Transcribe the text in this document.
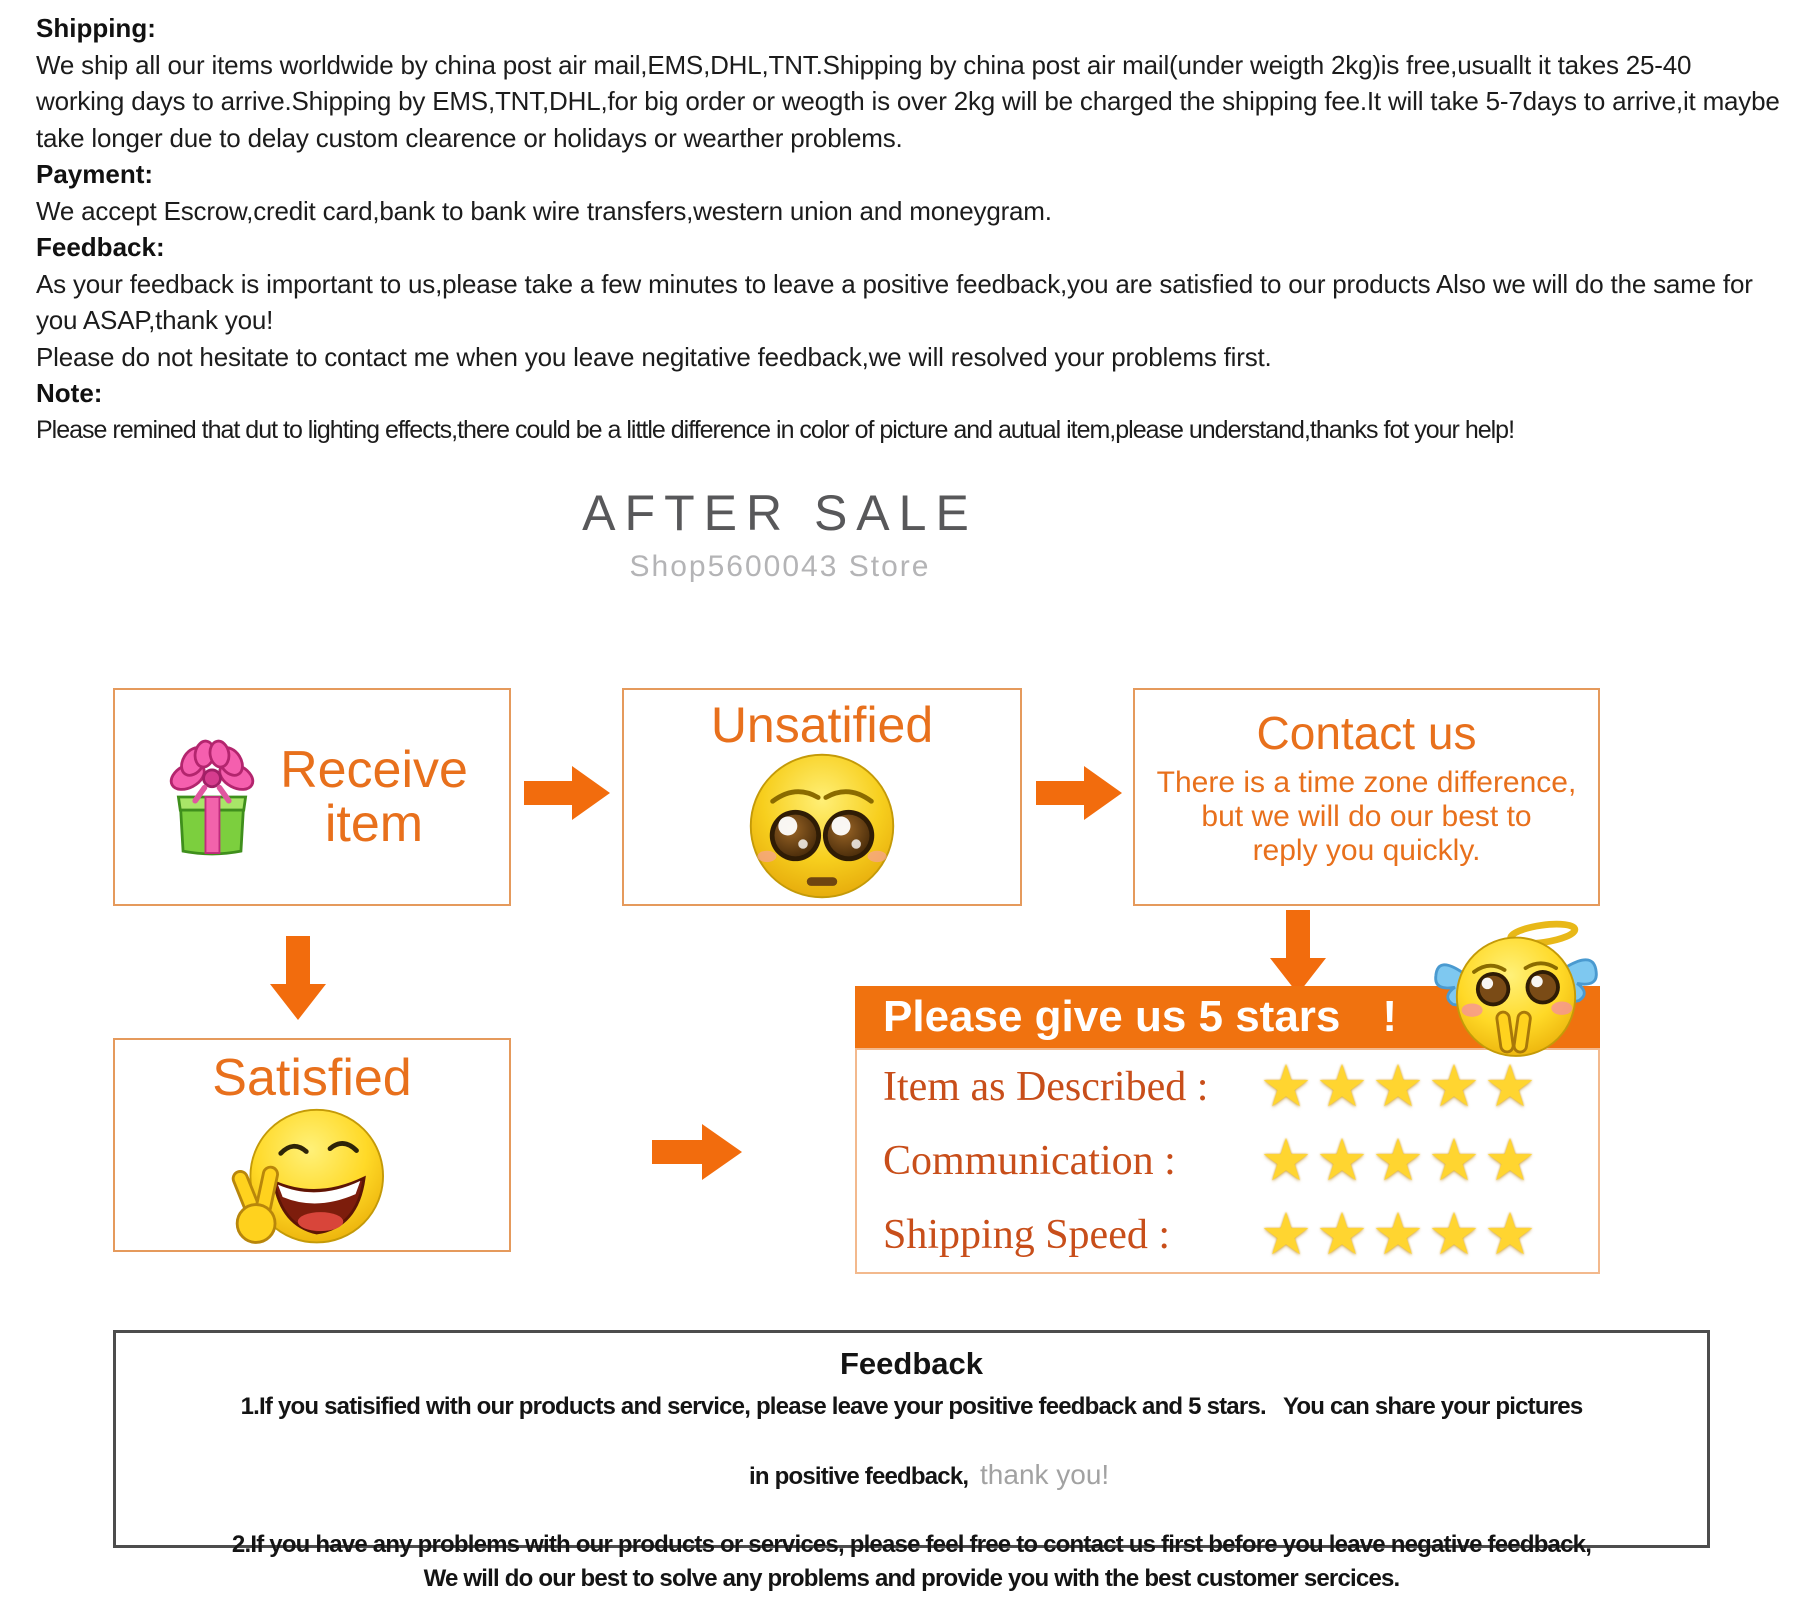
Shipping:
We ship all our items worldwide by china post air mail,EMS,DHL,TNT.Shipping by china post air mail(under weigth 2kg)is free,usuallt it takes 25-40 working days to arrive.Shipping by EMS,TNT,DHL,for big order or weogth is over 2kg will be charged the shipping fee.It will take 5-7days to arrive,it maybe take longer due to delay custom clearence or holidays or wearther problems.
Payment:
We accept Escrow,credit card,bank to bank wire transfers,western union and moneygram.
Feedback:
As your feedback is important to us,please take a few minutes to leave a positive feedback,you are satisfied to our products Also we will do the same for you ASAP,thank you!
Please do not hesitate to contact me when you leave negitative feedback,we will resolved your problems first.
Note:
Please remined that dut to lighting effects,there could be a little difference in color of picture and autual item,please understand,thanks fot your help!
AFTER SALE
Shop5600043 Store
Receive
item
Unsatified	Contact us
There is a time zone difference,
but we will do our best to
reply you quickly.
Satisfied
Please give us 5 stars !
Item as Described : ★★★★★
Communication : ★★★★★
Shipping Speed : ★★★★★
Feedback
1.If you satisified with our products and service, please leave your positive feedback and 5 stars.   You can share your pictures

in positive feedback,  thank you!

2.If you have any problems with our products or services, please feel free to contact us first before you leave negative feedback,
We will do our best to solve any problems and provide you with the best customer sercices.
